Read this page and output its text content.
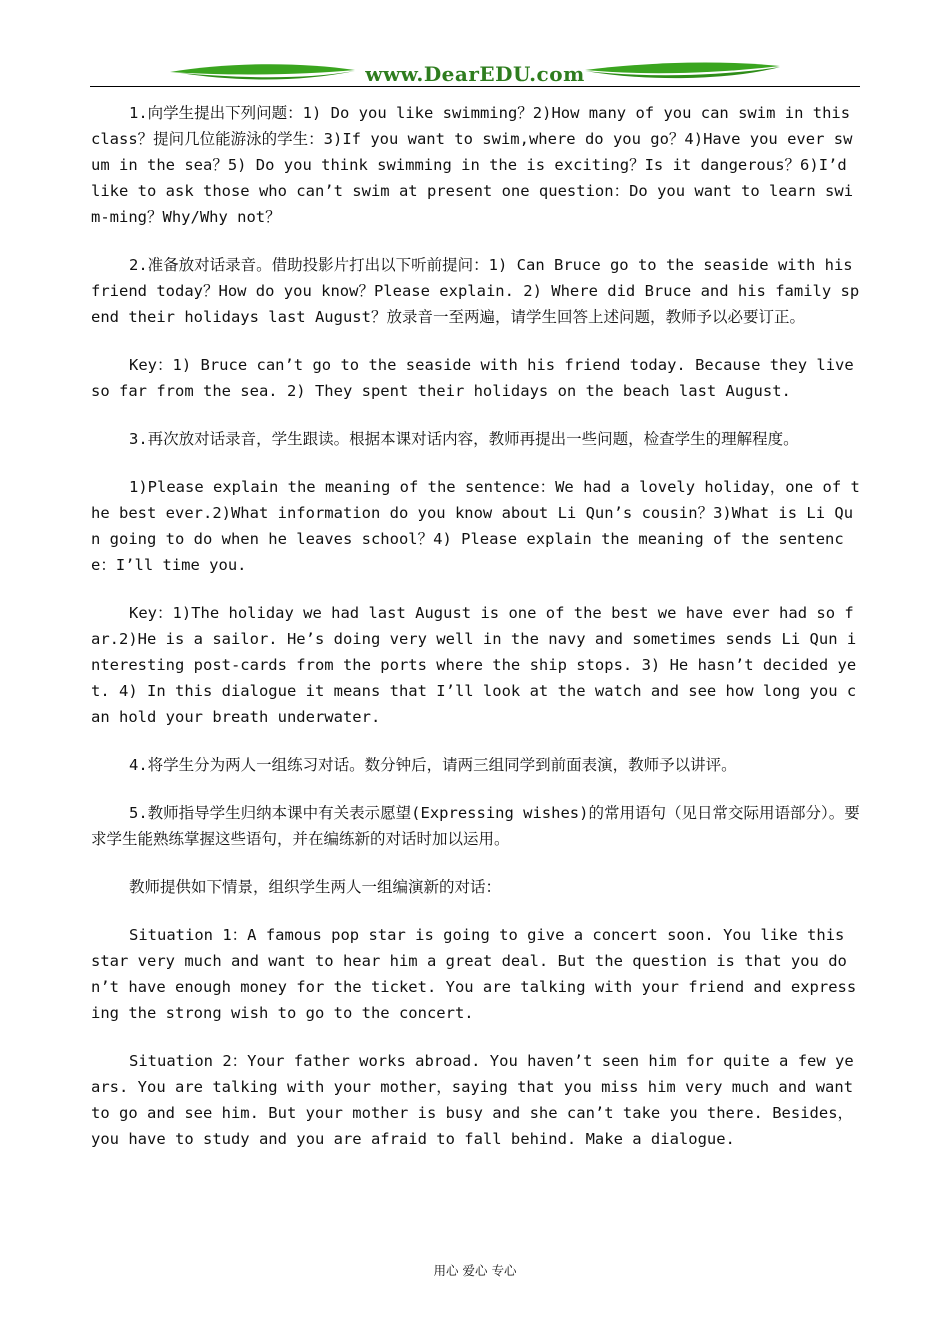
www.DearEDU.com

1.向学生提出下列问题：1) Do you like swimming？2)How many of you can swim in this class？提问几位能游泳的学生：3)If you want to swim,where do you go？4)Have you ever swum in the sea？5) Do you think swimming in the is exciting？Is it dangerous？6)I’d like to ask those who can’t swim at present one question：Do you want to learn swim-ming？Why/Why not？

2.准备放对话录音。借助投影片打出以下听前提问：1) Can Bruce go to the seaside with his friend today？How do you know？Please explain. 2) Where did Bruce and his family spend their holidays last August？放录音一至两遍，请学生回答上述问题，教师予以必要订正。

Key：1) Bruce can’t go to the seaside with his friend today. Because they live so far from the sea. 2) They spent their holidays on the beach last August.

3.再次放对话录音，学生跟读。根据本课对话内容，教师再提出一些问题，检查学生的理解程度。

1)Please explain the meaning of the sentence：We had a lovely holiday，one of the best ever.2)What information do you know about Li Qun’s cousin？3)What is Li Qun going to do when he leaves school？4) Please explain the meaning of the sentence：I’ll time you.

Key：1)The holiday we had last August is one of the best we have ever had so far.2)He is a sailor. He’s doing very well in the navy and sometimes sends Li Qun interesting post-cards from the ports where the ship stops. 3) He hasn’t decided yet. 4) In this dialogue it means that I’ll look at the watch and see how long you can hold your breath underwater.

4.将学生分为两人一组练习对话。数分钟后，请两三组同学到前面表演，教师予以讲评。

5.教师指导学生归纳本课中有关表示愿望(Expressing wishes)的常用语句（见日常交际用语部分）。要求学生能熟练掌握这些语句，并在编练新的对话时加以运用。

教师提供如下情景，组织学生两人一组编演新的对话：

Situation 1：A famous pop star is going to give a concert soon. You like this star very much and want to hear him a great deal. But the question is that you don’t have enough money for the ticket. You are talking with your friend and expressing the strong wish to go to the concert.

Situation 2：Your father works abroad. You haven’t seen him for quite a few years. You are talking with your mother，saying that you miss him very much and want to go and see him. But your mother is busy and she can’t take you there. Besides，you have to study and you are afraid to fall behind. Make a dialogue.

用心 爱心 专心
